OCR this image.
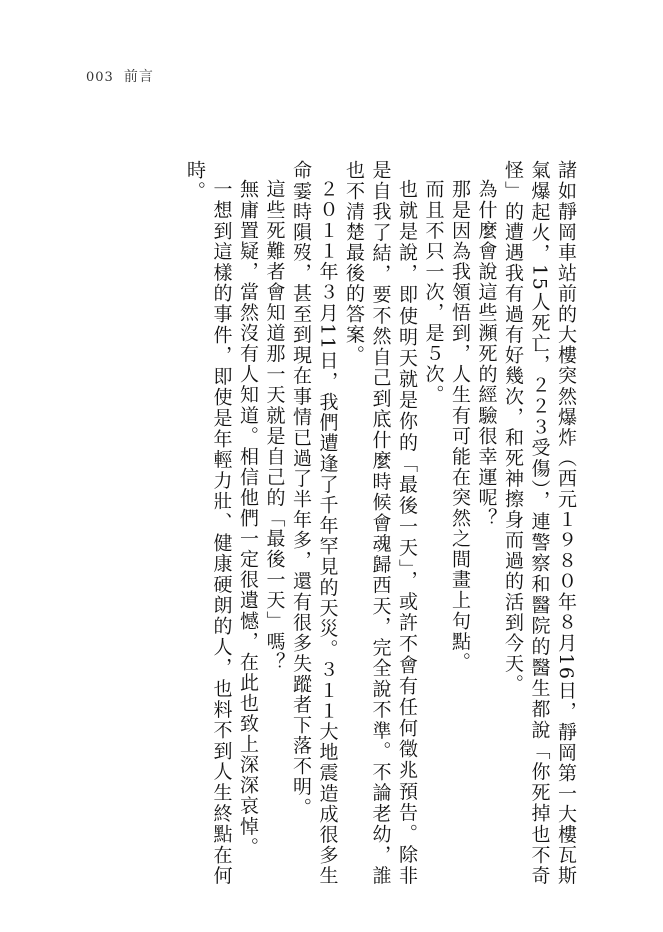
003 前言

諸如靜岡車站前的大樓突然爆炸（西元１９８０年８月16日，靜岡第一大樓瓦斯氣爆起火，15人死亡，２２３受傷），連警察和醫院的醫生都說「你死掉也不奇怪」的遭遇我有過有好幾次，和死神擦身而過的活到今天。

為什麼會說這些瀕死的經驗很幸運呢？

那是因為我領悟到，人生有可能在突然之間畫上句點。

而且不只一次，是５次。

也就是說，即使明天就是你的「最後一天」，或許不會有任何徵兆預告。除非是自我了結，要不然自己到底什麼時候會魂歸西天，完全說不準。不論老幼，誰也不清楚最後的答案。

２０１１年３月11日，我們遭逢了千年罕見的天災。３１１大地震造成很多生命霎時隕歿，甚至到現在事情已過了半年多，還有很多失蹤者下落不明。

這些死難者會知道那一天就是自己的「最後一天」嗎？

無庸置疑，當然沒有人知道。相信他們一定很遺憾，在此也致上深深哀悼。

一想到這樣的事件，即使是年輕力壯、健康硬朗的人，也料不到人生終點在何時。
